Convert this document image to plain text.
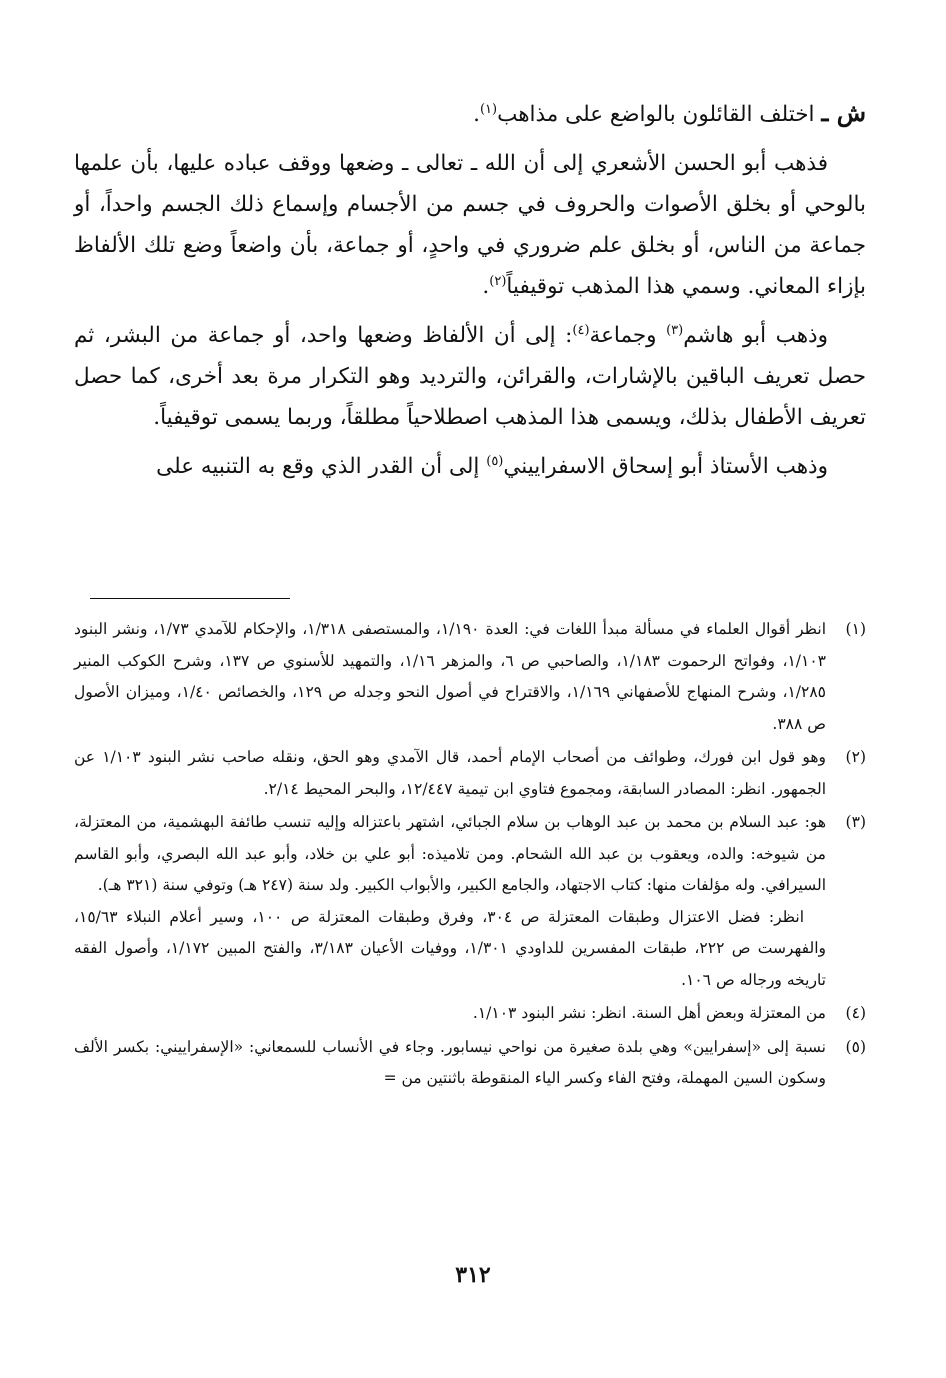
ش ـ اختلف القائلون بالواضع على مذاهب$^{(١)}$.

فذهب أبو الحسن الأشعري إلى أن الله ـ تعالى ـ وضعها ووقف عباده عليها، بأن علمها بالوحي أو بخلق الأصوات والحروف في جسم من الأجسام وإسماع ذلك الجسم واحداً، أو جماعة من الناس، أو بخلق علم ضروري في واحدٍ، أو جماعة، بأن واضعاً وضع تلك الألفاظ بإزاء المعاني. وسمي هذا المذهب توقيفياً$^{(٢)}$.

وذهب أبو هاشم$^{(٣)}$ وجماعة$^{(٤)}$: إلى أن الألفاظ وضعها واحد، أو جماعة من البشر، ثم حصل تعريف الباقين بالإشارات، والقرائن، والترديد وهو التكرار مرة بعد أخرى، كما حصل تعريف الأطفال بذلك، ويسمى هذا المذهب اصطلاحياً مطلقاً، وربما يسمى توقيفياً.

وذهب الأستاذ أبو إسحاق الاسفراييني$^{(٥)}$ إلى أن القدر الذي وقع به التنبيه على

(١)

انظر أقوال العلماء في مسألة مبدأ اللغات في: العدة ١/١٩٠، والمستصفى ١/٣١٨، والإحكام للآمدي ١/٧٣، ونشر البنود ١/١٠٣، وفواتح الرحموت ١/١٨٣، والصاحبي ص ٦، والمزهر ١/١٦، والتمهيد للأسنوي ص ١٣٧، وشرح الكوكب المنير ١/٢٨٥، وشرح المنهاج للأصفهاني ١/١٦٩، والاقتراح في أصول النحو وجدله ص ١٢٩، والخصائص ١/٤٠، وميزان الأصول ص ٣٨٨.

(٢)

وهو قول ابن فورك، وطوائف من أصحاب الإمام أحمد، قال الآمدي وهو الحق، ونقله صاحب نشر البنود ١/١٠٣ عن الجمهور. انظر: المصادر السابقة، ومجموع فتاوي ابن تيمية ١٢/٤٤٧، والبحر المحيط ٢/١٤.

(٣)

هو: عبد السلام بن محمد بن عبد الوهاب بن سلام الجبائي، اشتهر باعتزاله وإليه تنسب طائفة البهشمية، من المعتزلة، من شيوخه: والده، ويعقوب بن عبد الله الشحام. ومن تلاميذه: أبو علي بن خلاد، وأبو عبد الله البصري، وأبو القاسم السيرافي. وله مؤلفات منها: كتاب الاجتهاد، والجامع الكبير، والأبواب الكبير. ولد سنة (٢٤٧ هـ) وتوفي سنة (٣٢١ هـ).

انظر: فضل الاعتزال وطبقات المعتزلة ص ٣٠٤، وفرق وطبقات المعتزلة ص ١٠٠، وسير أعلام النبلاء ١٥/٦٣، والفهرست ص ٢٢٢، طبقات المفسرين للداودي ١/٣٠١، ووفيات الأعيان ٣/١٨٣، والفتح المبين ١/١٧٢، وأصول الفقه تاريخه ورجاله ص ١٠٦.

(٤)

من المعتزلة وبعض أهل السنة. انظر: نشر البنود ١/١٠٣.

(٥)

نسبة إلى «إسفرايين» وهي بلدة صغيرة من نواحي نيسابور. وجاء في الأنساب للسمعاني: «الإسفراييني: بكسر الألف وسكون السين المهملة، وفتح الفاء وكسر الياء المنقوطة باثنتين من =

٣١٢
